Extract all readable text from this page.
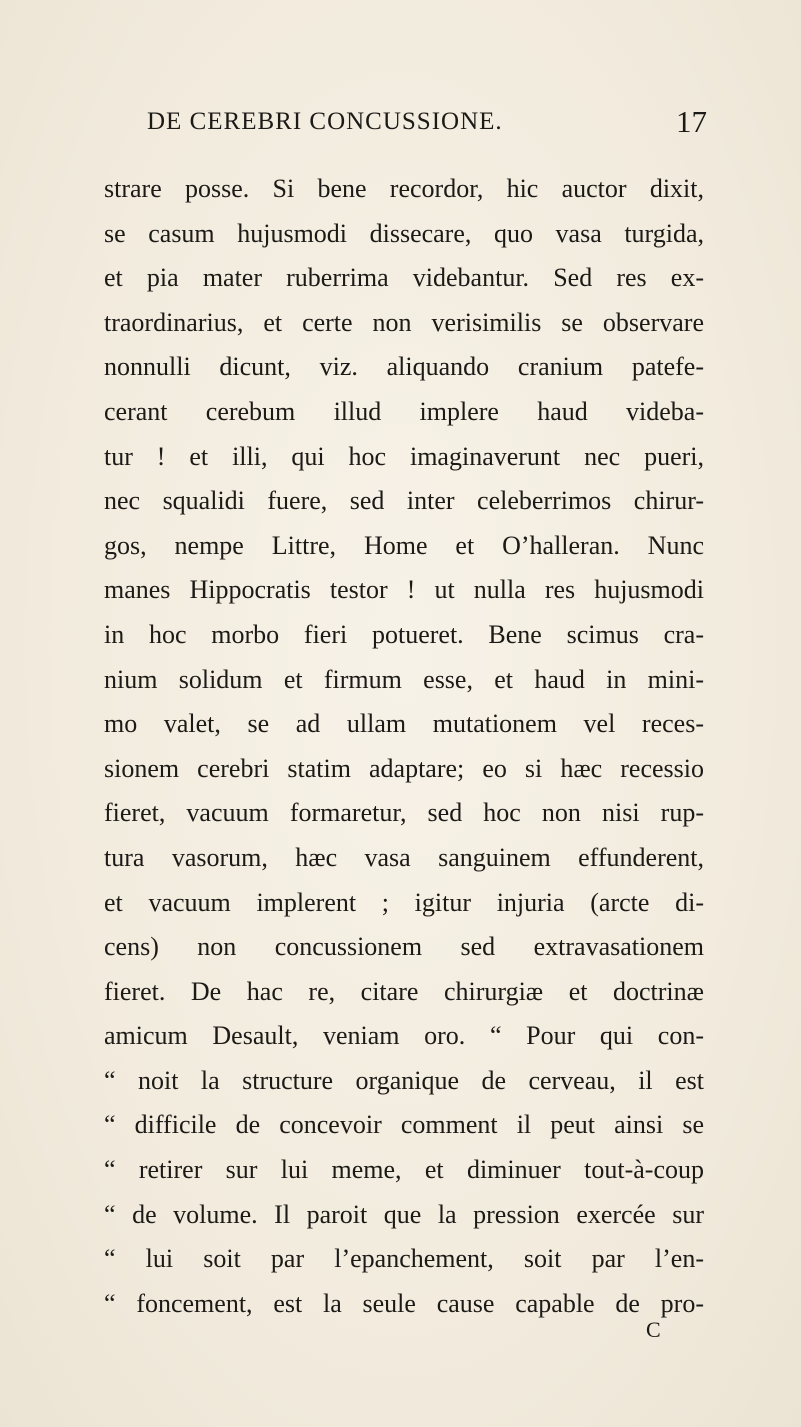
DE CEREBRI CONCUSSIONE.	17
strare posse. Si bene recordor, hic auctor dixit,
se casum hujusmodi dissecare, quo vasa turgida,
et pia mater ruberrima videbantur. Sed res ex-
traordinarius, et certe non verisimilis se observare
nonnulli dicunt, viz. aliquando cranium patefe-
cerant cerebum illud implere haud videba-
tur ! et illi, qui hoc imaginaverunt nec pueri,
nec squalidi fuere, sed inter celeberrimos chirur-
gos, nempe Littre, Home et O’halleran. Nunc
manes Hippocratis testor ! ut nulla res hujusmodi
in hoc morbo fieri potueret. Bene scimus cra-
nium solidum et firmum esse, et haud in mini-
mo valet, se ad ullam mutationem vel reces-
sionem cerebri statim adaptare; eo si hæc recessio
fieret, vacuum formaretur, sed hoc non nisi rup-
tura vasorum, hæc vasa sanguinem effunderent,
et vacuum implerent ; igitur injuria (arcte di-
cens) non concussionem sed extravasationem
fieret. De hac re, citare chirurgiæ et doctrinæ
amicum Desault, veniam oro. “ Pour qui con-
“ noit la structure organique de cerveau, il est
“ difficile de concevoir comment il peut ainsi se
“ retirer sur lui meme, et diminuer tout-à-coup
“ de volume. Il paroit que la pression exercée sur
“ lui soit par l’epanchement, soit par l’en-
“ foncement, est la seule cause capable de pro-
C
